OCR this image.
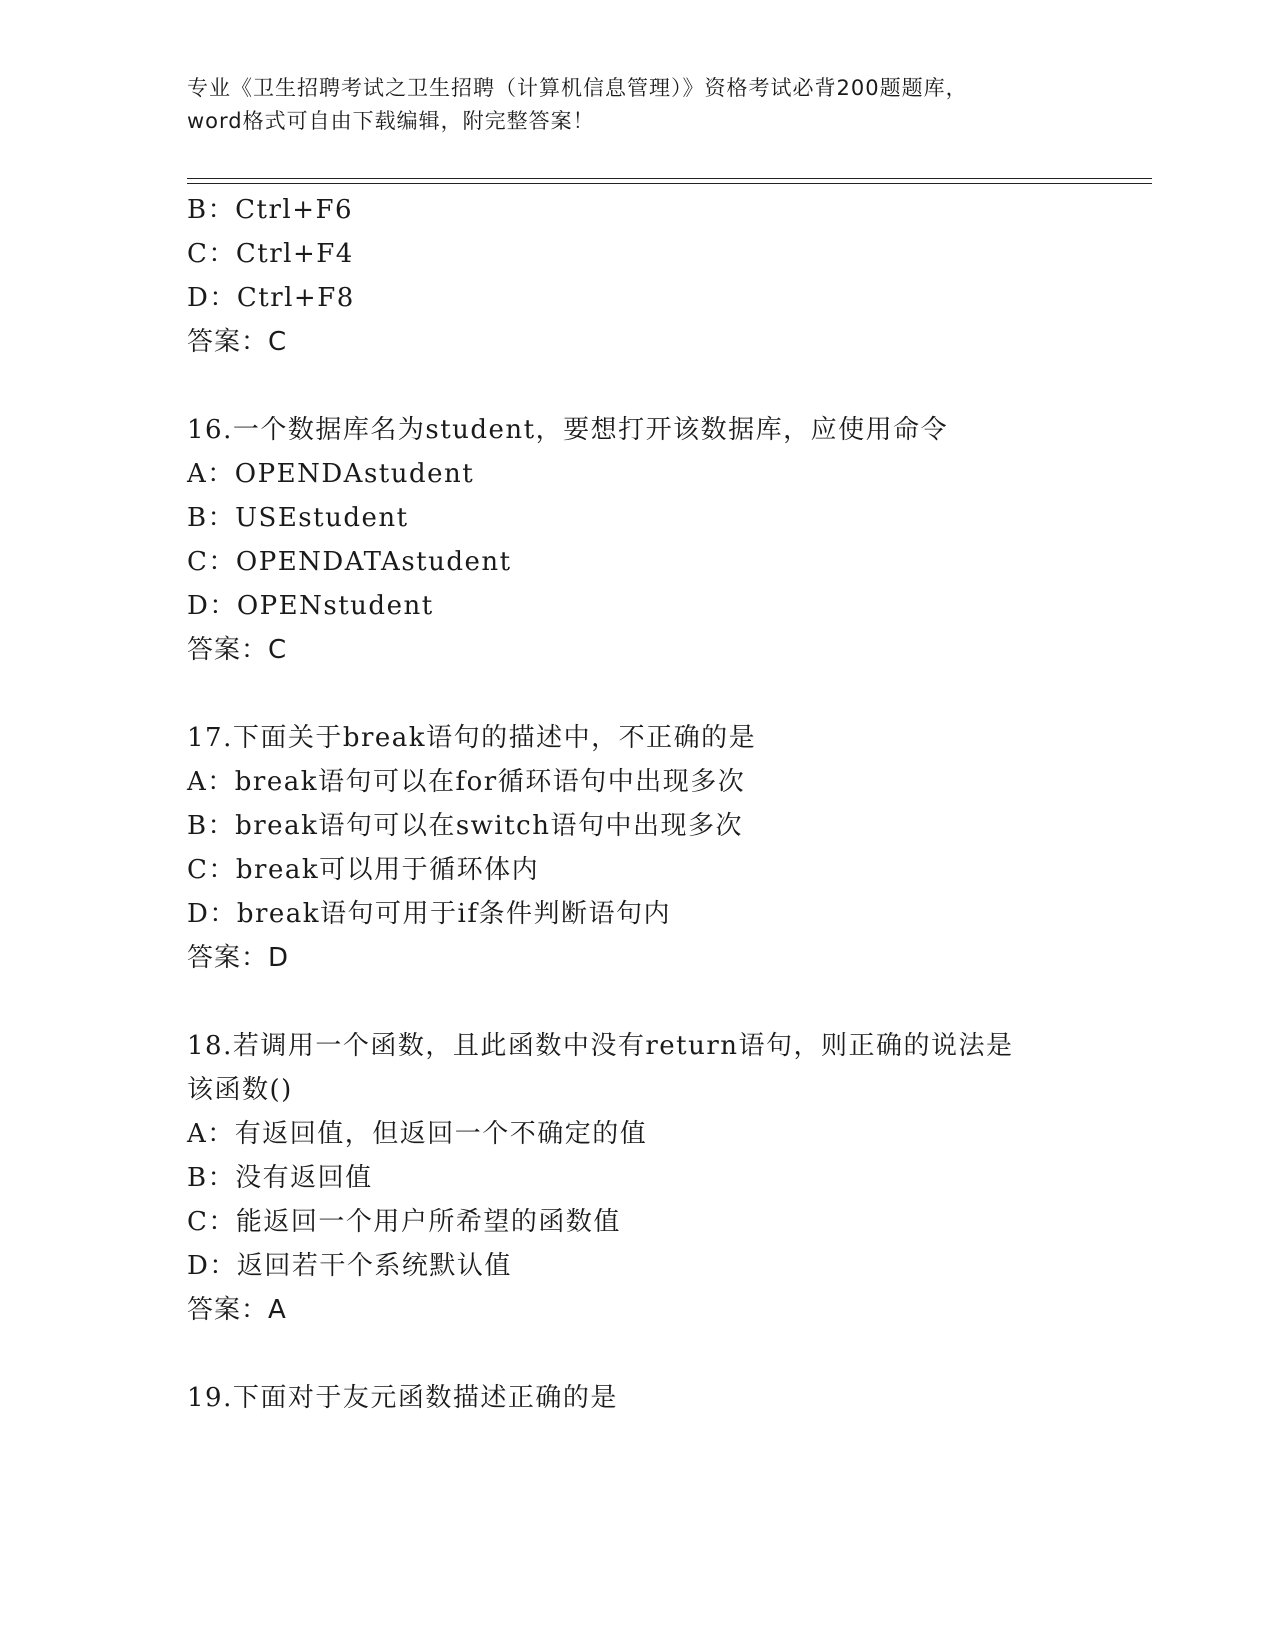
专业《卫生招聘考试之卫生招聘（计算机信息管理）》资格考试必背200题题库，
word格式可自由下载编辑，附完整答案！
B：Ctrl+F6
C：Ctrl+F4
D：Ctrl+F8
答案：C
16.一个数据库名为student，要想打开该数据库，应使用命令
A：OPENDAstudent
B：USEstudent
C：OPENDATAstudent
D：OPENstudent
答案：C
17.下面关于break语句的描述中，不正确的是
A：break语句可以在for循环语句中出现多次
B：break语句可以在switch语句中出现多次
C：break可以用于循环体内
D：break语句可用于if条件判断语句内
答案：D
18.若调用一个函数，且此函数中没有return语句，则正确的说法是
该函数()
A：有返回值，但返回一个不确定的值
B：没有返回值
C：能返回一个用户所希望的函数值
D：返回若干个系统默认值
答案：A
19.下面对于友元函数描述正确的是
